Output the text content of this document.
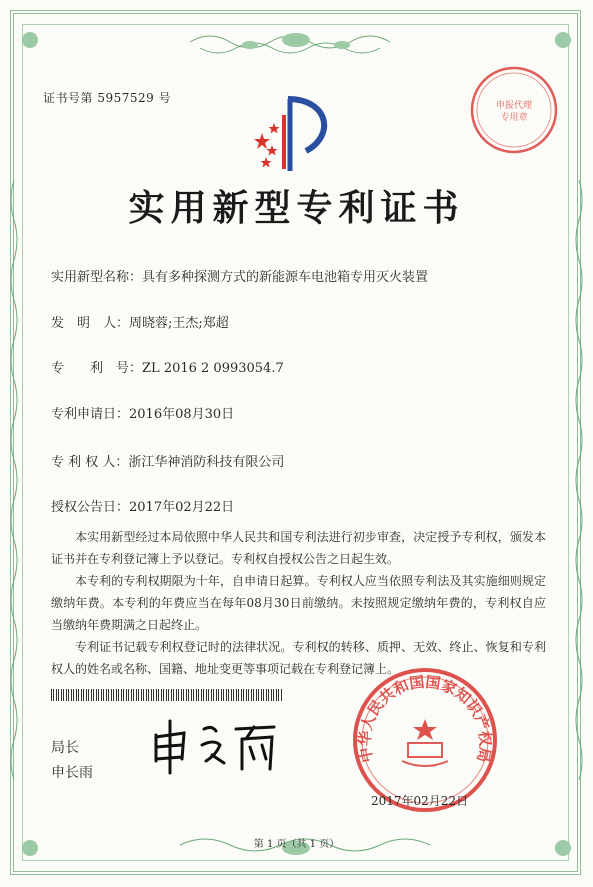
证书号第 5957529 号
申报代理
专用章
实用新型专利证书
实用新型名称：具有多种探测方式的新能源车电池箱专用灭火装置
发　明　人：周晓蓉;王杰;郑超
专　　利　号：ZL 2016 2 0993054.7
专利申请日：2016年08月30日
专 利 权 人：浙江华神消防科技有限公司
授权公告日：2017年02月22日

本实用新型经过本局依照中华人民共和国专利法进行初步审查，决定授予专利权，颁发本证书并在专利登记簿上予以登记。专利权自授权公告之日起生效。

本专利的专利权期限为十年，自申请日起算。专利权人应当依照专利法及其实施细则规定缴纳年费。本专利的年费应当在每年08月30日前缴纳。未按照规定缴纳年费的，专利权自应当缴纳年费期满之日起终止。

专利证书记载专利权登记时的法律状况。专利权的转移、质押、无效、终止、恢复和专利权人的姓名或名称、国籍、地址变更等事项记载在专利登记簿上。

局长
申长雨
中华人民共和国国家知识产权局
2017年02月22日
第 1 页（共 1 页）
